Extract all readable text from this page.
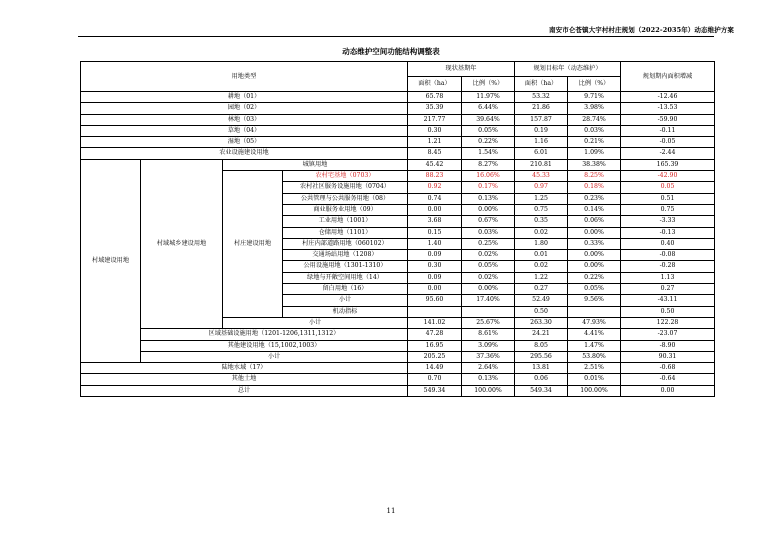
南安市仑苍镇大宇村村庄规划（2022-2035年）动态维护方案
动态维护空间功能结构调整表
用地类型				现状基期年		规划目标年（动态维护）		规划期内面积增减
				面积（ha）	比例（%）	面积（ha）	比例（%）	
耕地（01）				65.78	11.97%	53.32	9.71%	-12.46
园地（02）				35.39	6.44%	21.86	3.98%	-13.53
林地（03）				217.77	39.64%	157.87	28.74%	-59.90
草地（04）				0.30	0.05%	0.19	0.03%	-0.11
湿地（05）				1.21	0.22%	1.16	0.21%	-0.05
农业设施建设用地				8.45	1.54%	6.01	1.09%	-2.44
村域建设用地	村域城乡建设用地	城镇用地		45.42	8.27%	210.81	38.38%	165.39
		村庄建设用地	农村宅基地（0703）	88.23	16.06%	45.33	8.25%	-42.90
			农村社区服务设施用地（0704）	0.92	0.17%	0.97	0.18%	0.05
			公共管理与公共服务用地（08）	0.74	0.13%	1.25	0.23%	0.51
			商业服务业用地（09）	0.00	0.00%	0.75	0.14%	0.75
			工业用地（1001）	3.68	0.67%	0.35	0.06%	-3.33
			仓储用地（1101）	0.15	0.03%	0.02	0.00%	-0.13
			村庄内部道路用地（060102）	1.40	0.25%	1.80	0.33%	0.40
			交通场站用地（1208）	0.09	0.02%	0.01	0.00%	-0.08
			公用设施用地（1301-1310）	0.30	0.05%	0.02	0.00%	-0.28
			绿地与开敞空间用地（14）	0.09	0.02%	1.22	0.22%	1.13
			留白用地（16）	0.00	0.00%	0.27	0.05%	0.27
			小计	95.60	17.40%	52.49	9.56%	-43.11
			机动指标			0.50		0.50
		小计		141.02	25.67%	263.30	47.93%	122.28
	区域基础设施用地（1201-1206,1311,1312）			47.28	8.61%	24.21	4.41%	-23.07
	其他建设用地（15,1002,1003）			16.95	3.09%	8.05	1.47%	-8.90
	小计			205.25	37.36%	295.56	53.80%	90.31
陆地水域（17）				14.49	2.64%	13.81	2.51%	-0.68
其他土地				0.70	0.13%	0.06	0.01%	-0.64
总计				549.34	100.00%	549.34	100.00%	0.00
11
